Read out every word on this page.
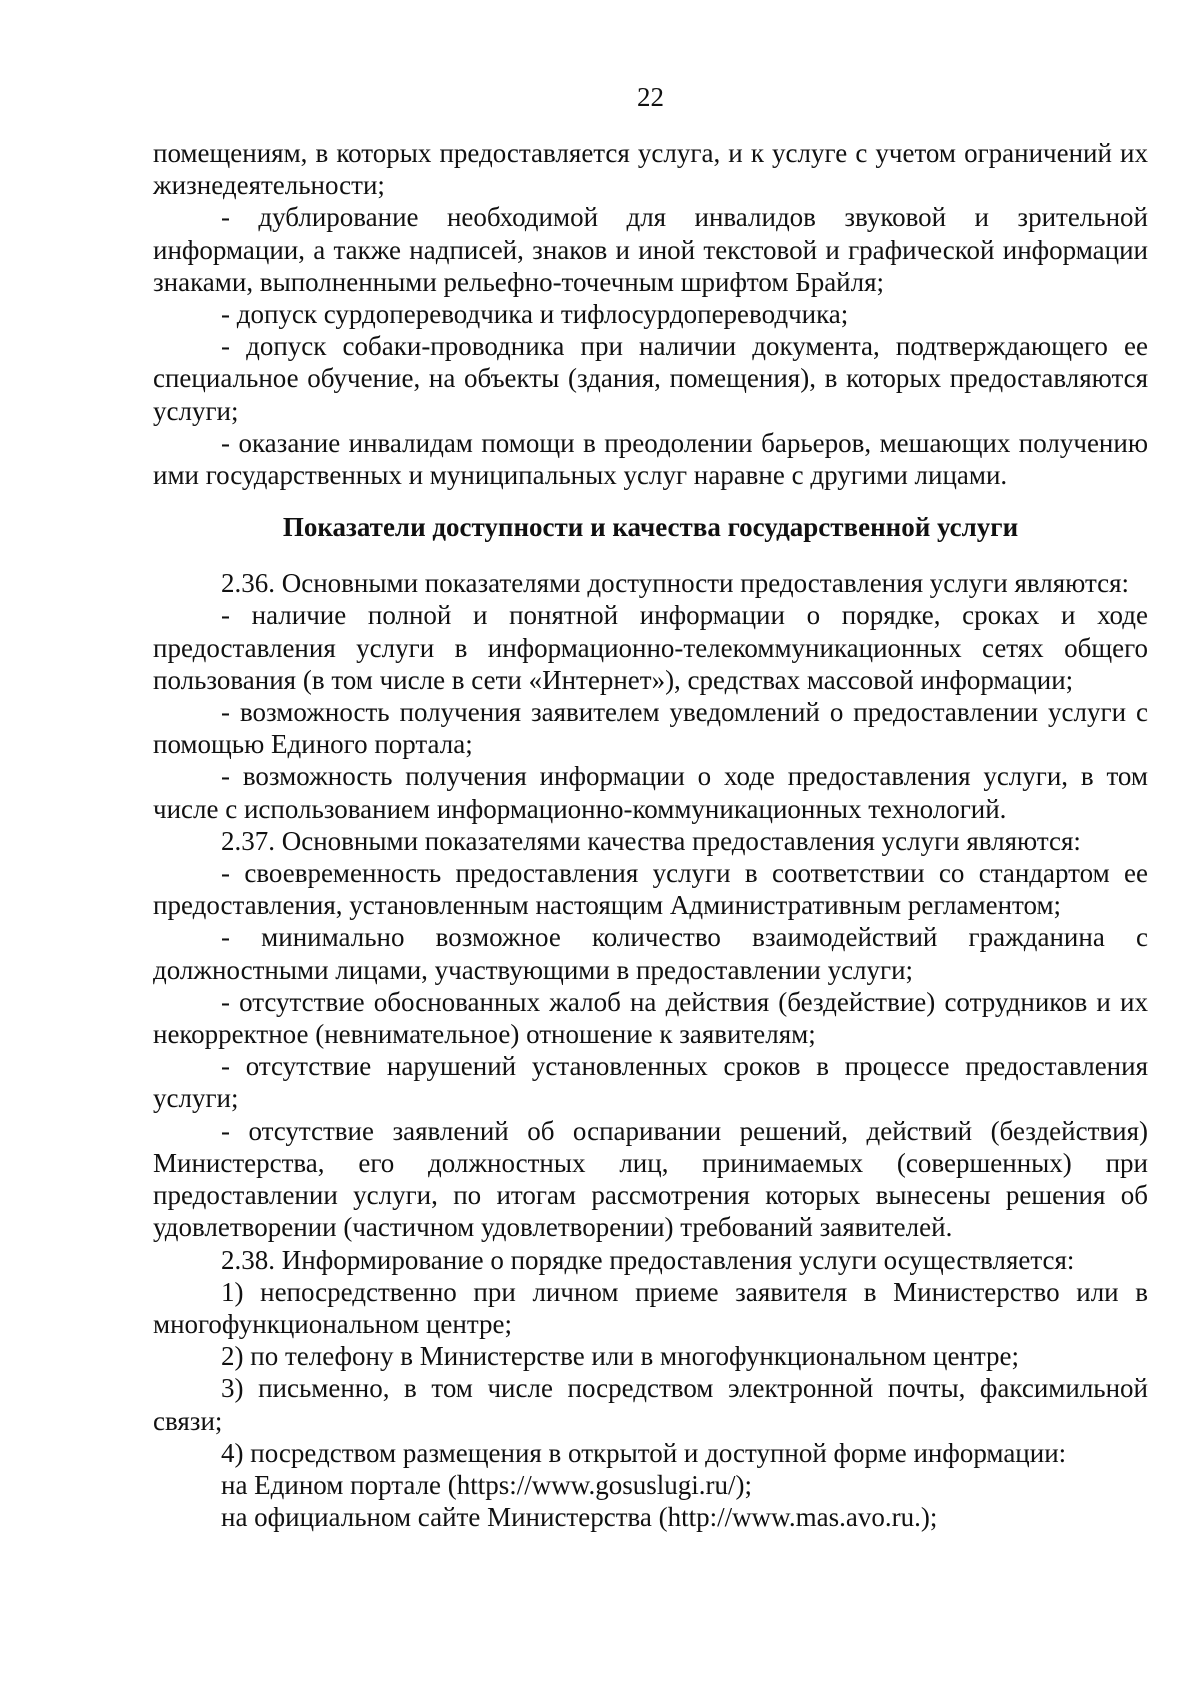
22

помещениям, в которых предоставляется услуга, и к услуге с учетом ограничений их жизнедеятельности;

- дублирование необходимой для инвалидов звуковой и зрительной информации, а также надписей, знаков и иной текстовой и графической информации знаками, выполненными рельефно-точечным шрифтом Брайля;

- допуск сурдопереводчика и тифлосурдопереводчика;

- допуск собаки-проводника при наличии документа, подтверждающего ее специальное обучение, на объекты (здания, помещения), в которых предоставляются услуги;

- оказание инвалидам помощи в преодолении барьеров, мешающих получению ими государственных и муниципальных услуг наравне с другими лицами.

Показатели доступности и качества государственной услуги

2.36. Основными показателями доступности предоставления услуги являются:

- наличие полной и понятной информации о порядке, сроках и ходе предоставления услуги в информационно-телекоммуникационных сетях общего пользования (в том числе в сети «Интернет»), средствах массовой информации;

- возможность получения заявителем уведомлений о предоставлении услуги с помощью Единого портала;

- возможность получения информации о ходе предоставления услуги, в том числе с использованием информационно-коммуникационных технологий.

2.37. Основными показателями качества предоставления услуги являются:

- своевременность предоставления услуги в соответствии со стандартом ее предоставления, установленным настоящим Административным регламентом;

- минимально возможное количество взаимодействий гражданина с должностными лицами, участвующими в предоставлении услуги;

- отсутствие обоснованных жалоб на действия (бездействие) сотрудников и их некорректное (невнимательное) отношение к заявителям;

- отсутствие нарушений установленных сроков в процессе предоставления услуги;

- отсутствие заявлений об оспаривании решений, действий (бездействия) Министерства, его должностных лиц, принимаемых (совершенных) при предоставлении услуги, по итогам рассмотрения которых вынесены решения об удовлетворении (частичном удовлетворении) требований заявителей.

2.38. Информирование о порядке предоставления услуги осуществляется:

1) непосредственно при личном приеме заявителя в Министерство или в многофункциональном центре;

2) по телефону в Министерстве или в многофункциональном центре;

3) письменно, в том числе посредством электронной почты, факсимильной связи;

4) посредством размещения в открытой и доступной форме информации:

на Едином портале (https://www.gosuslugi.ru/);

на официальном сайте Министерства (http://www.mas.avo.ru.);
